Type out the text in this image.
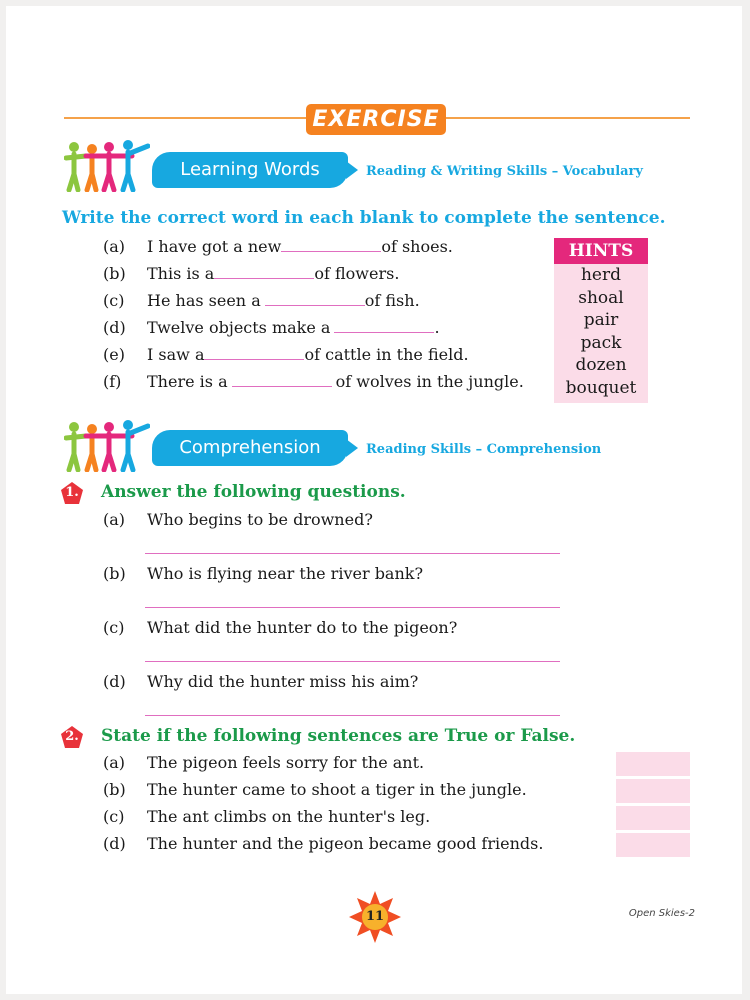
EXERCISE
Learning Words	Reading & Writing Skills – Vocabulary
Write the correct word in each blank to complete the sentence.
(a)	I have got a new	of shoes.
(b)	This is a	of flowers.
(c)	He has seen a	of fish.
(d)	Twelve objects make a	.
(e)	I saw a	of cattle in the field.
(f)	There is a	of wolves in the jungle.
HINTS
herd
shoal
pair
pack
dozen
bouquet
Comprehension	Reading Skills – Comprehension
1.	Answer the following questions.
(a)	Who begins to be drowned?
(b)	Who is flying near the river bank?
(c)	What did the hunter do to the pigeon?
(d)	Why did the hunter miss his aim?
2.	State if the following sentences are True or False.
(a)	The pigeon feels sorry for the ant.
(b)	The hunter came to shoot a tiger in the jungle.
(c)	The ant climbs on the hunter's leg.
(d)	The hunter and the pigeon became good friends.
11	Open Skies-2
